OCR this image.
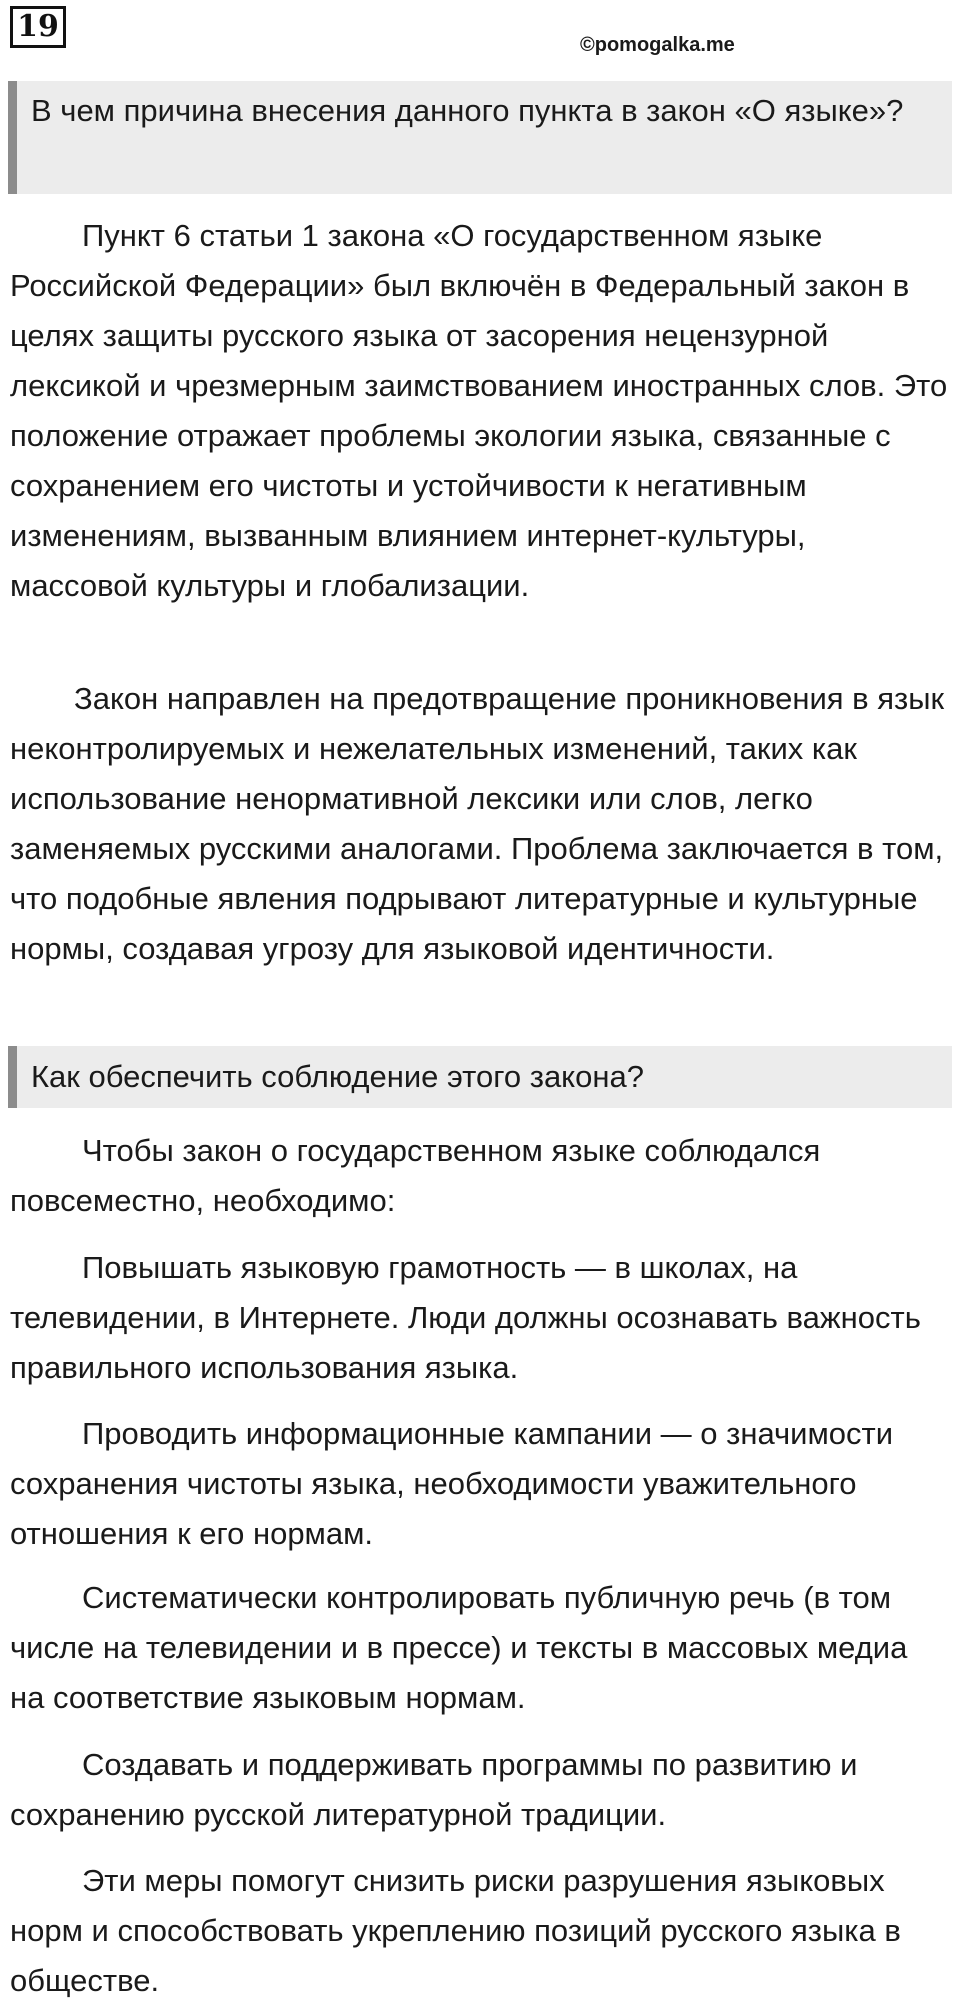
19
©pomogalka.me
В чем причина внесения данного пункта в закон «О языке»?

Пункт 6 статьи 1 закона «О государственном языке Российской Федерации» был включён в Федеральный закон в целях защиты русского языка от засорения нецензурной лексикой и чрезмерным заимствованием иностранных слов. Это положение отражает проблемы экологии языка, связанные с сохранением его чистоты и устойчивости к негативным изменениям, вызванным влиянием интернет-культуры, массовой культуры и глобализации.

Закон направлен на предотвращение проникновения в язык неконтролируемых и нежелательных изменений, таких как использование ненормативной лексики или слов, легко заменяемых русскими аналогами. Проблема заключается в том, что подобные явления подрывают литературные и культурные нормы, создавая угрозу для языковой идентичности.

Как обеспечить соблюдение этого закона?

Чтобы закон о государственном языке соблюдался повсеместно, необходимо:

Повышать языковую грамотность — в школах, на телевидении, в Интернете. Люди должны осознавать важность правильного использования языка.

Проводить информационные кампании — о значимости сохранения чистоты языка, необходимости уважительного отношения к его нормам.

Систематически контролировать публичную речь (в том числе на телевидении и в прессе) и тексты в массовых медиа на соответствие языковым нормам.

Создавать и поддерживать программы по развитию и сохранению русской литературной традиции.

Эти меры помогут снизить риски разрушения языковых норм и способствовать укреплению позиций русского языка в обществе.
